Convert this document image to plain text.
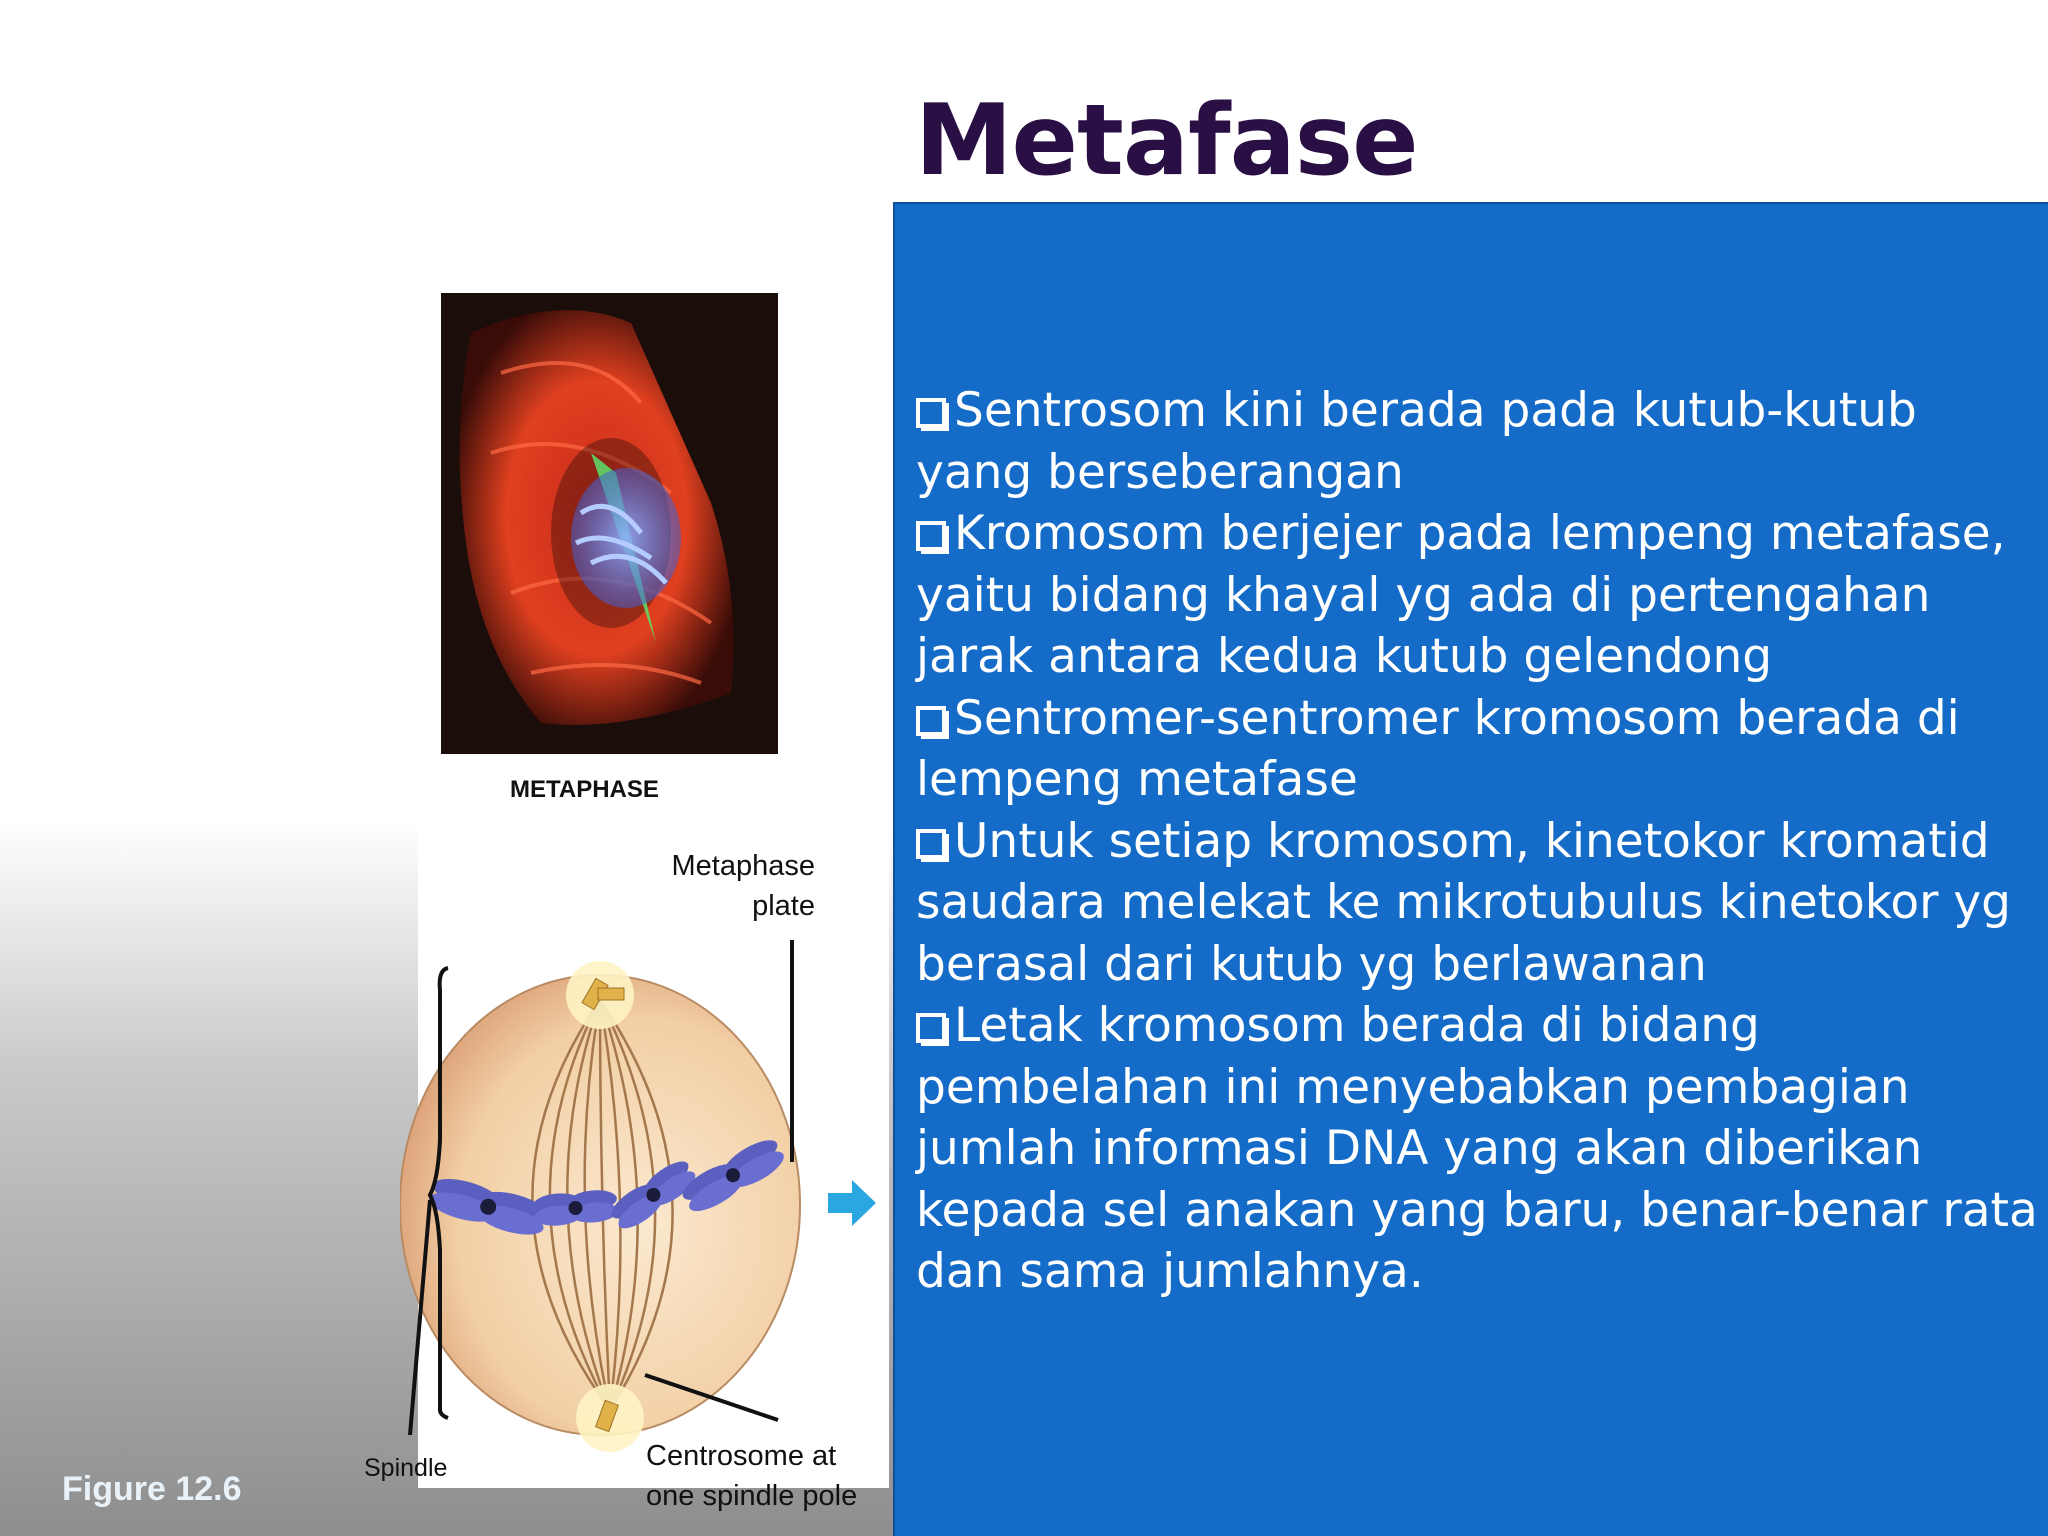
Metafase
Sentrosom kini berada pada kutub-kutub yang berseberangan
Kromosom berjejer pada lempeng metafase, yaitu bidang khayal yg ada di pertengahan jarak antara kedua kutub gelendong
Sentromer-sentromer kromosom berada di lempeng metafase
Untuk setiap kromosom, kinetokor kromatid saudara melekat ke mikrotubulus kinetokor yg berasal dari kutub yg berlawanan
Letak kromosom berada di bidang pembelahan ini menyebabkan pembagian jumlah informasi DNA yang akan diberikan kepada sel anakan yang baru, benar-benar rata dan sama jumlahnya.
METAPHASE
Metaphase
plate
Spindle	Centrosome at
one spindle pole
Figure 12.6
